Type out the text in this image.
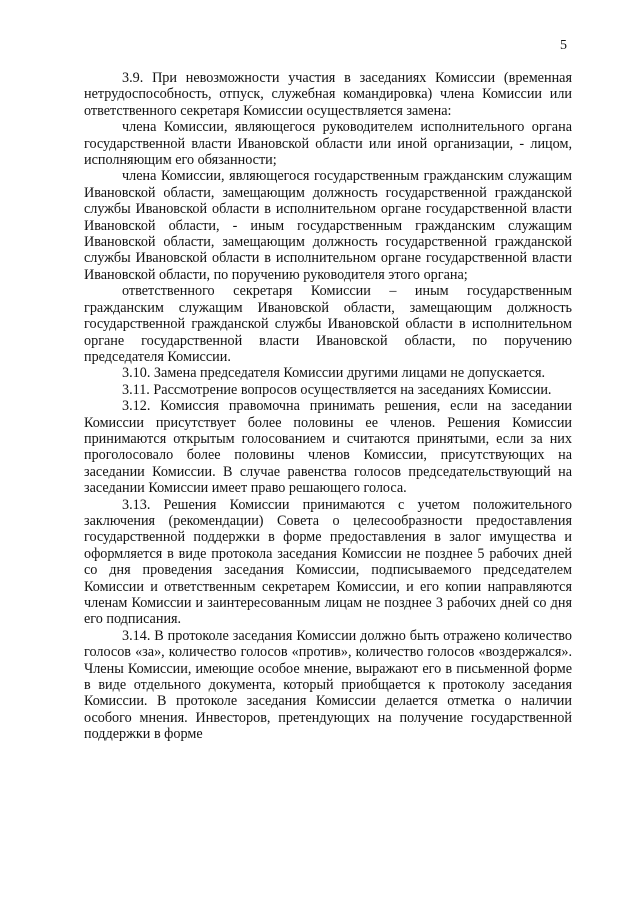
5

3.9. При невозможности участия в заседаниях Комиссии (временная нетрудоспособность, отпуск, служебная командировка) члена Комиссии или ответственного секретаря Комиссии осуществляется замена:

члена Комиссии, являющегося руководителем исполнительного органа государственной власти Ивановской области или иной организации, - лицом, исполняющим его обязанности;

члена Комиссии, являющегося государственным гражданским служащим Ивановской области, замещающим должность государственной гражданской службы Ивановской области в исполнительном органе государственной власти Ивановской области, - иным государственным гражданским служащим Ивановской области, замещающим должность государственной гражданской службы Ивановской области в исполнительном органе государственной власти Ивановской области, по поручению руководителя этого органа;

ответственного секретаря Комиссии – иным государственным гражданским служащим Ивановской области, замещающим должность государственной гражданской службы Ивановской области в исполнительном органе государственной власти Ивановской области, по поручению председателя Комиссии.

3.10. Замена председателя Комиссии другими лицами не допускается.

3.11. Рассмотрение вопросов осуществляется на заседаниях Комиссии.

3.12. Комиссия правомочна принимать решения, если на заседании Комиссии присутствует более половины ее членов. Решения Комиссии принимаются открытым голосованием и считаются принятыми, если за них проголосовало более половины членов Комиссии, присутствующих на заседании Комиссии. В случае равенства голосов председательствующий на заседании Комиссии имеет право решающего голоса.

3.13. Решения Комиссии принимаются с учетом положительного заключения (рекомендации) Совета о целесообразности предоставления государственной поддержки в форме предоставления в залог имущества и оформляется в виде протокола заседания Комиссии не позднее 5 рабочих дней со дня проведения заседания Комиссии, подписываемого председателем Комиссии и ответственным секретарем Комиссии, и его копии направляются членам Комиссии и заинтересованным лицам не позднее 3 рабочих дней со дня его подписания.

3.14. В протоколе заседания Комиссии должно быть отражено количество голосов «за», количество голосов «против», количество голосов «воздержался». Члены Комиссии, имеющие особое мнение, выражают его в письменной форме в виде отдельного документа, который приобщается к протоколу заседания Комиссии. В протоколе заседания Комиссии делается отметка о наличии особого мнения. Инвесторов, претендующих на получение государственной поддержки в форме
